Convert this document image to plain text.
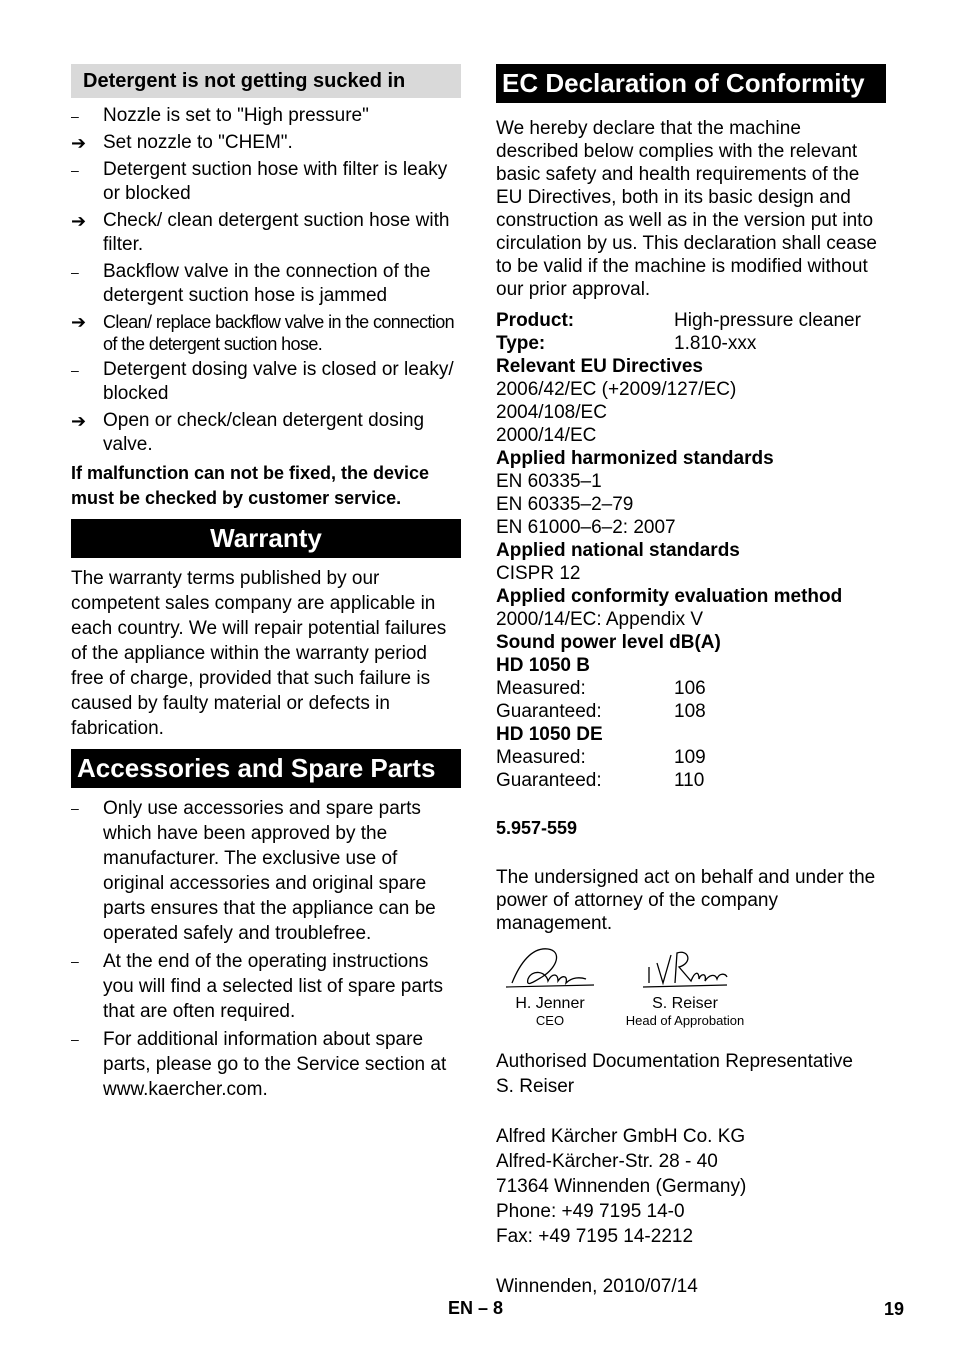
Detergent is not getting sucked in
–	Nozzle is set to "High pressure"
➔ Set nozzle to "CHEM".
–	Detergent suction hose with filter is leaky or blocked
➔ Check/ clean detergent suction hose with filter.
–	Backflow valve in the connection of the detergent suction hose is jammed
➔ Clean/ replace backflow valve in the connection of the detergent suction hose.
–	Detergent dosing valve is closed or leaky/ blocked
➔ Open or check/clean detergent dosing valve.
If malfunction can not be fixed, the device must be checked by customer service.
Warranty
The warranty terms published by our competent sales company are applicable in each country. We will repair potential failures of the appliance within the warranty period free of charge, provided that such failure is caused by faulty material or defects in fabrication.
Accessories and Spare Parts
–	Only use accessories and spare parts which have been approved by the manufacturer. The exclusive use of original accessories and original spare parts ensures that the appliance can be operated safely and troublefree.
–	At the end of the operating instructions you will find a selected list of spare parts that are often required.
–	For additional information about spare parts, please go to the Service section at www.kaercher.com.
EC Declaration of Conformity
We hereby declare that the machine described below complies with the relevant basic safety and health requirements of the EU Directives, both in its basic design and construction as well as in the version put into circulation by us. This declaration shall cease to be valid if the machine is modified without our prior approval.
Product:	High-pressure cleaner
Type:	1.810-xxx
Relevant EU Directives
2006/42/EC (+2009/127/EC)
2004/108/EC
2000/14/EC
Applied harmonized standards
EN 60335–1
EN 60335–2–79
EN 61000–6–2: 2007
Applied national standards
CISPR 12
Applied conformity evaluation method
2000/14/EC: Appendix V
Sound power level dB(A)
HD 1050 B
Measured:	106
Guaranteed:	108
HD 1050 DE
Measured:	109
Guaranteed:	110
5.957-559
The undersigned act on behalf and under the power of attorney of the company management.
H. Jenner
CEO
S. Reiser
Head of Approbation
Authorised Documentation Representative
S. Reiser
Alfred Kärcher GmbH Co. KG
Alfred-Kärcher-Str. 28 - 40
71364 Winnenden (Germany)
Phone: +49 7195 14-0
Fax: +49 7195 14-2212
Winnenden, 2010/07/14
EN – 8	19
